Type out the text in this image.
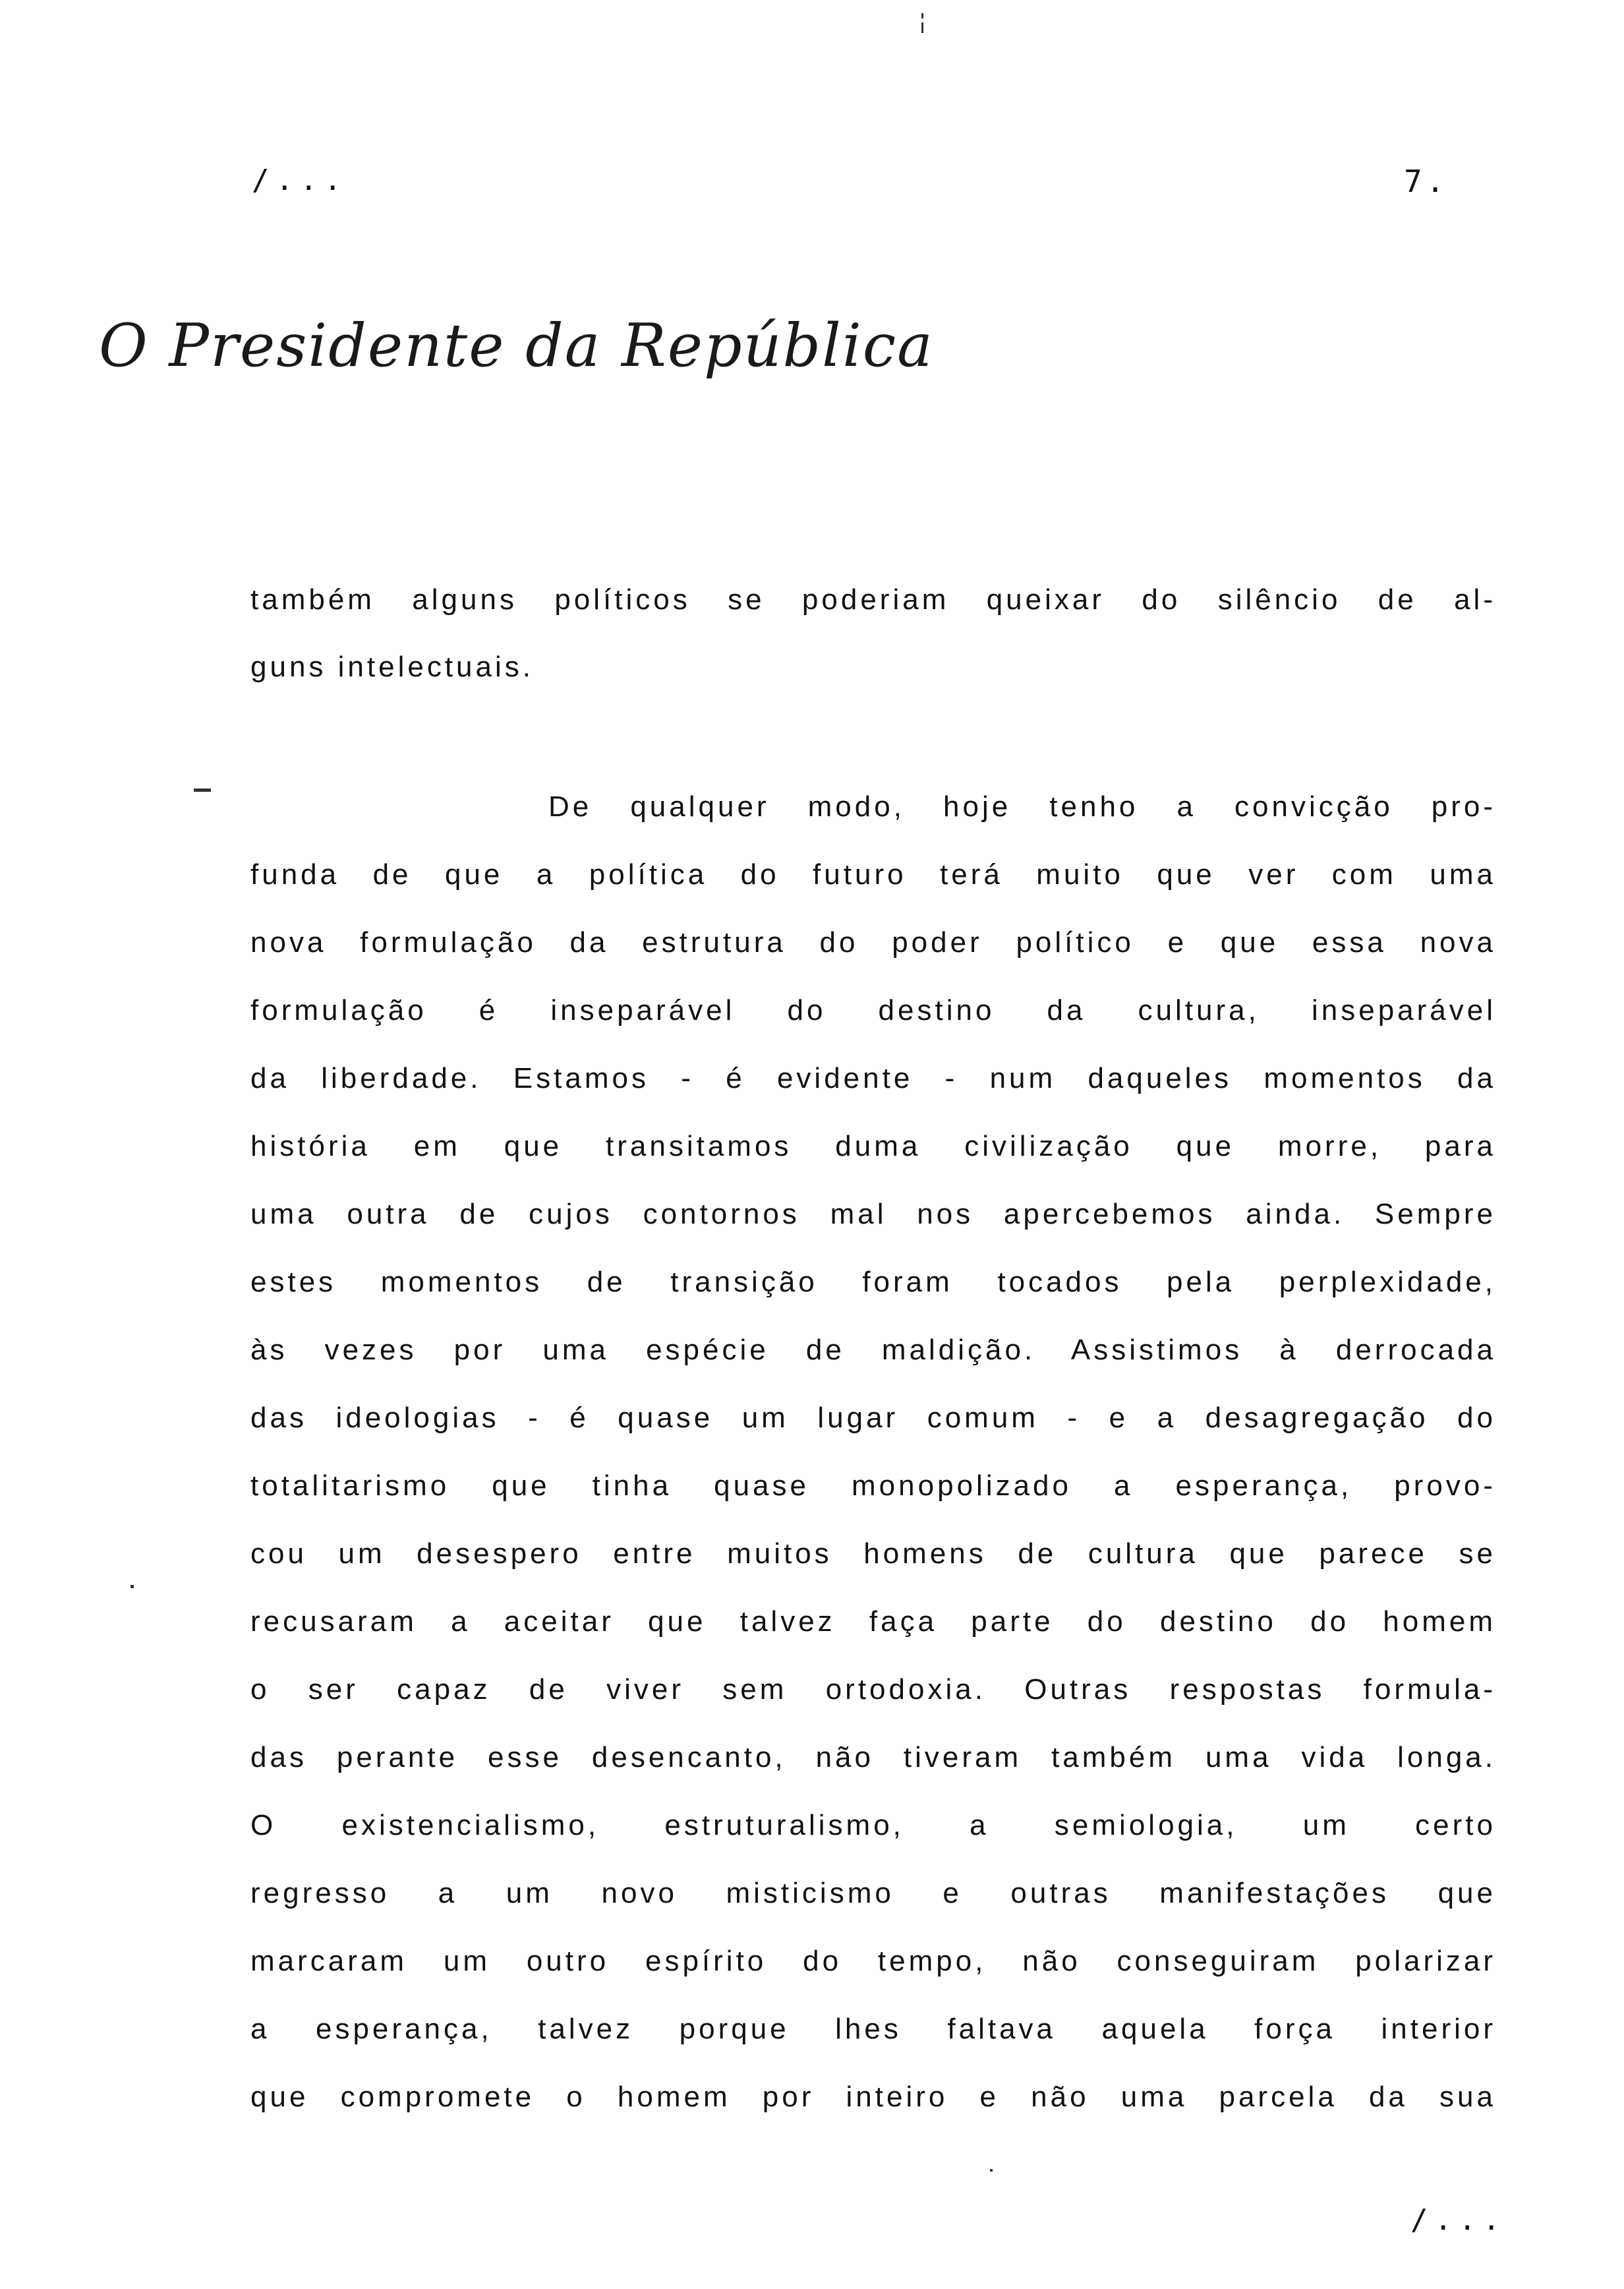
/...	7.
O Presidente da República
também alguns políticos se poderiam queixar do silêncio de al-
guns intelectuais.
De qualquer modo, hoje tenho a convicção pro-
funda de que a política do futuro terá muito que ver com uma
nova formulação da estrutura do poder político e que essa nova
formulação é inseparável do destino da cultura, inseparável
da liberdade. Estamos - é evidente - num daqueles momentos da
história em que transitamos duma civilização que morre, para
uma outra de cujos contornos mal nos apercebemos ainda. Sempre
estes momentos de transição foram tocados pela perplexidade,
às vezes por uma espécie de maldição. Assistimos à derrocada
das ideologias - é quase um lugar comum - e a desagregação do
totalitarismo que tinha quase monopolizado a esperança, provo-
cou um desespero entre muitos homens de cultura que parece se
recusaram a aceitar que talvez faça parte do destino do homem
o ser capaz de viver sem ortodoxia. Outras respostas formula-
das perante esse desencanto, não tiveram também uma vida longa.
O existencialismo, estruturalismo, a semiologia, um certo
regresso a um novo misticismo e outras manifestações que
marcaram um outro espírito do tempo, não conseguiram polarizar
a esperança, talvez porque lhes faltava aquela força interior
que compromete o homem por inteiro e não uma parcela da sua
/...
